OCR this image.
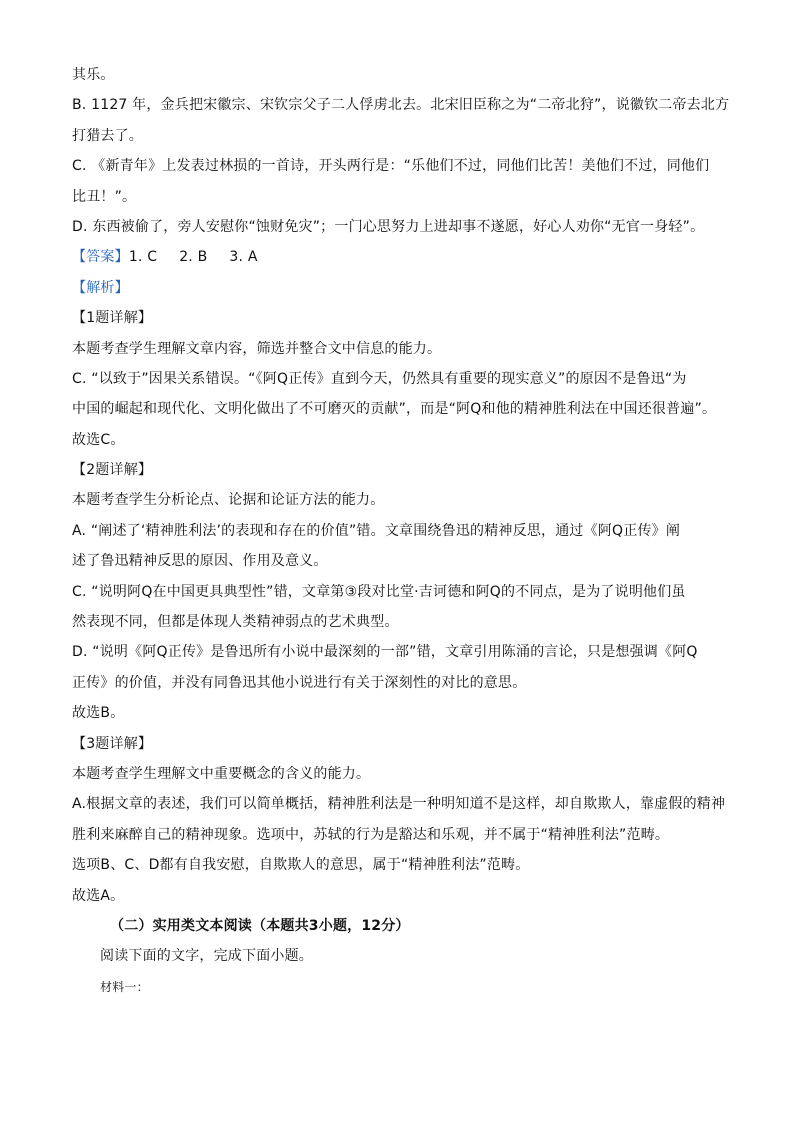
其乐。
B. 1127 年，金兵把宋徽宗、宋钦宗父子二人俘虏北去。北宋旧臣称之为“二帝北狩”，说徽钦二帝去北方
打猎去了。
C. 《新青年》上发表过林损的一首诗，开头两行是：“乐他们不过，同他们比苦！美他们不过，同他们
比丑！”。
D. 东西被偷了，旁人安慰你“蚀财免灾”；一门心思努力上进却事不遂愿，好心人劝你“无官一身轻”。
【答案】1. C 2. B 3. A
【解析】
【1题详解】
本题考查学生理解文章内容，筛选并整合文中信息的能力。
C. “以致于”因果关系错误。“《阿Q正传》直到今天，仍然具有重要的现实意义”的原因不是鲁迅“为
中国的崛起和现代化、文明化做出了不可磨灭的贡献”，而是“阿Q和他的精神胜利法在中国还很普遍”。
故选C。
【2题详解】
本题考查学生分析论点、论据和论证方法的能力。
A. “阐述了‘精神胜利法’的表现和存在的价值”错。文章围绕鲁迅的精神反思，通过《阿Q正传》阐
述了鲁迅精神反思的原因、作用及意义。
C. “说明阿Q在中国更具典型性”错，文章第③段对比堂·吉诃德和阿Q的不同点，是为了说明他们虽
然表现不同，但都是体现人类精神弱点的艺术典型。
D. “说明《阿Q正传》是鲁迅所有小说中最深刻的一部”错，文章引用陈涌的言论，只是想强调《阿Q
正传》的价值，并没有同鲁迅其他小说进行有关于深刻性的对比的意思。
故选B。
【3题详解】
本题考查学生理解文中重要概念的含义的能力。
A.根据文章的表述，我们可以简单概括，精神胜利法是一种明知道不是这样，却自欺欺人，靠虚假的精神
胜利来麻醉自己的精神现象。选项中，苏轼的行为是豁达和乐观，并不属于“精神胜利法”范畴。
选项B、C、D都有自我安慰，自欺欺人的意思，属于“精神胜利法”范畴。
故选A。
（二）实用类文本阅读（本题共3小题，12分）
阅读下面的文字，完成下面小题。
材料一：
